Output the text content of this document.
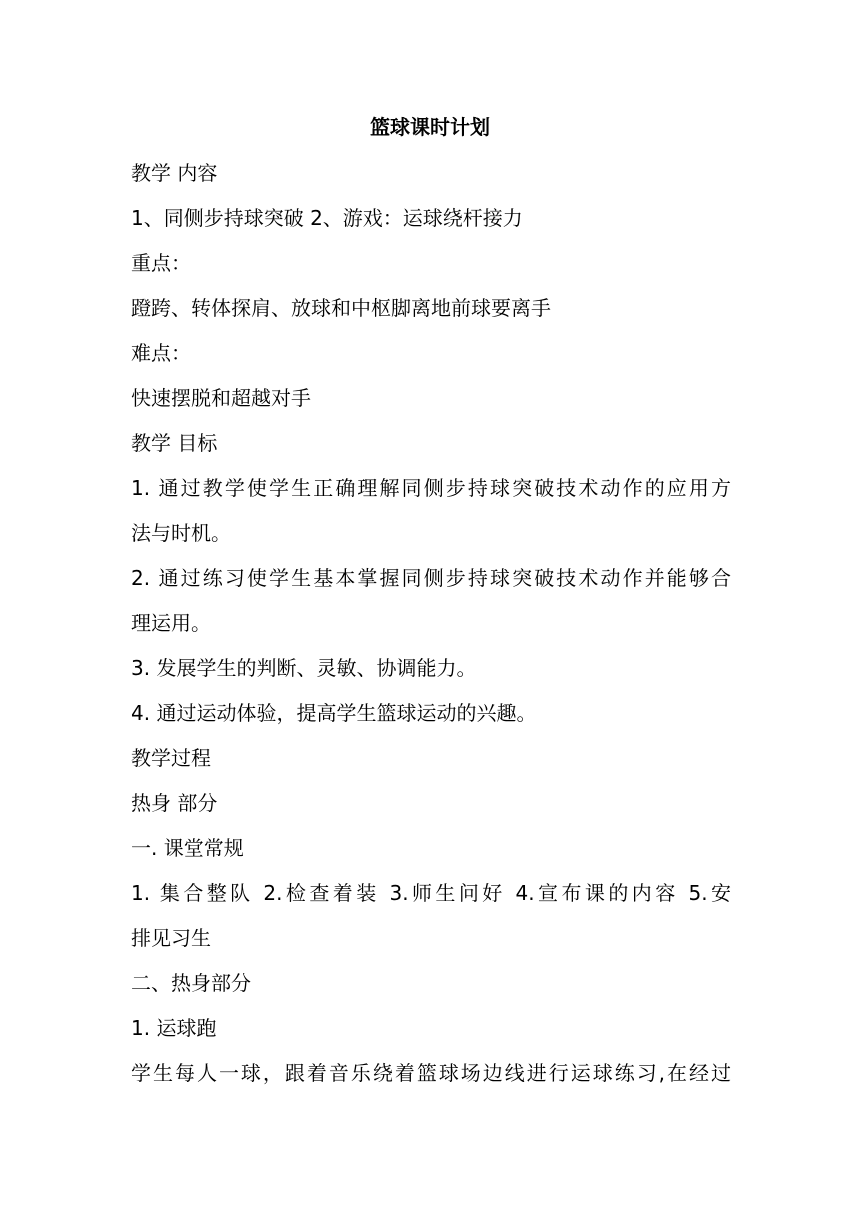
篮球课时计划

教学 内容

1、同侧步持球突破 2、游戏：运球绕杆接力

重点：

蹬跨、转体探肩、放球和中枢脚离地前球要离手

难点：

快速摆脱和超越对手

教学 目标

1. 通过教学使学生正确理解同侧步持球突破技术动作的应用方

法与时机。

2. 通过练习使学生基本掌握同侧步持球突破技术动作并能够合

理运用。

3. 发展学生的判断、灵敏、协调能力。

4. 通过运动体验，提高学生篮球运动的兴趣。

教学过程

热身 部分

一. 课堂常规

1. 集合整队 2.检查着装 3.师生问好 4.宣布课的内容 5.安

排见习生

二、热身部分

1. 运球跑

学生每人一球，跟着音乐绕着篮球场边线进行运球练习,在经过
